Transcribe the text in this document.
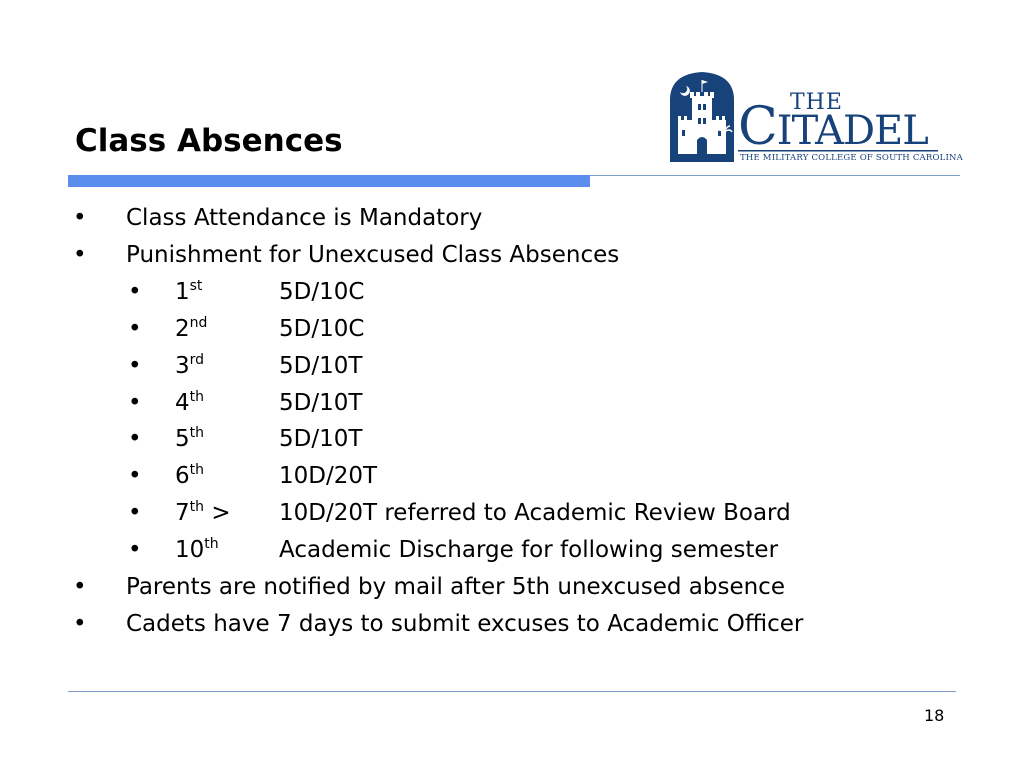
Class Absences
THE
CITADEL
THE MILITARY COLLEGE OF SOUTH CAROLINA
• Class Attendance is Mandatory
• Punishment for Unexcused Class Absences
• 1st	5D/10C
• 2nd	5D/10C
• 3rd	5D/10T
• 4th	5D/10T
• 5th	5D/10T
• 6th	10D/20T
• 7th > 10D/20T referred to Academic Review Board
• 10th	Academic Discharge for following semester
• Parents are notified by mail after 5th unexcused absence
• Cadets have 7 days to submit excuses to Academic Officer
18
